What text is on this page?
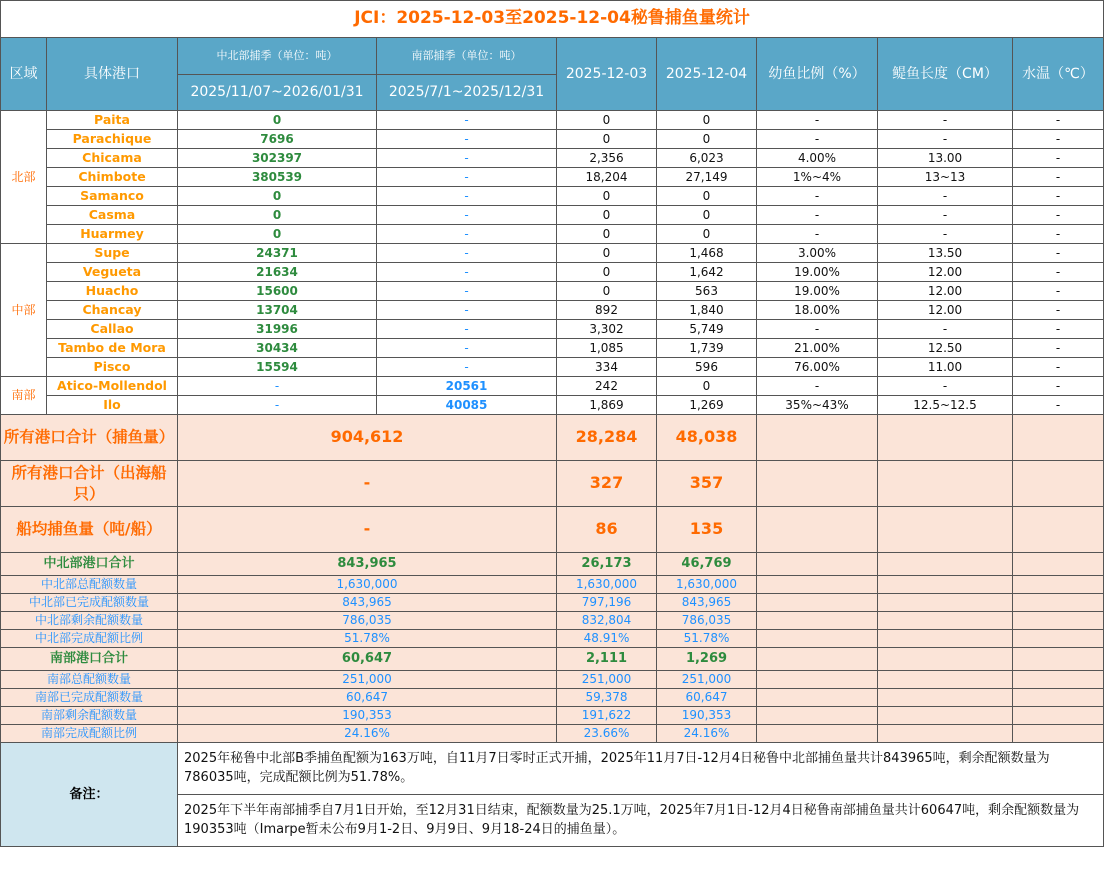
JCI：2025-12-03至2025-12-04秘鲁捕鱼量统计								
区域	具体港口	中北部捕季（单位：吨）	南部捕季（单位：吨）	2025-12-03	2025-12-04	幼鱼比例（%）	鳀鱼长度（CM）	水温（℃）
		2025/11/07~2026/01/31	2025/7/1~2025/12/31					
北部	Paita	0	-	0	0	-	-	-
	Parachique	7696	-	0	0	-	-	-
	Chicama	302397	-	2,356	6,023	4.00%	13.00	-
	Chimbote	380539	-	18,204	27,149	1%~4%	13~13	-
	Samanco	0	-	0	0	-	-	-
	Casma	0	-	0	0	-	-	-
	Huarmey	0	-	0	0	-	-	-
中部	Supe	24371	-	0	1,468	3.00%	13.50	-
	Vegueta	21634	-	0	1,642	19.00%	12.00	-
	Huacho	15600	-	0	563	19.00%	12.00	-
	Chancay	13704	-	892	1,840	18.00%	12.00	-
	Callao	31996	-	3,302	5,749	-	-	-
	Tambo de Mora	30434	-	1,085	1,739	21.00%	12.50	-
	Pisco	15594	-	334	596	76.00%	11.00	-
南部	Atico-Mollendol	-	20561	242	0	-	-	-
	Ilo	-	40085	1,869	1,269	35%~43%	12.5~12.5	-
所有港口合计（捕鱼量）		904,612		28,284	48,038			
所有港口合计（出海船只）		-		327	357			
船均捕鱼量（吨/船）		-		86	135			
中北部港口合计		843,965		26,173	46,769			
中北部总配额数量		1,630,000		1,630,000	1,630,000			
中北部已完成配额数量		843,965		797,196	843,965			
中北部剩余配额数量		786,035		832,804	786,035			
中北部完成配额比例		51.78%		48.91%	51.78%			
南部港口合计		60,647		2,111	1,269			
南部总配额数量		251,000		251,000	251,000			
南部已完成配额数量		60,647		59,378	60,647			
南部剩余配额数量		190,353		191,622	190,353			
南部完成配额比例		24.16%		23.66%	24.16%			
备注：		2025年秘鲁中北部B季捕鱼配额为163万吨，自11月7日零时正式开捕，2025年11月7日-12月4日秘鲁中北部捕鱼量共计843965吨，剩余配额数量为786035吨，完成配额比例为51.78%。						
		2025年下半年南部捕季自7月1日开始，至12月31日结束，配额数量为25.1万吨，2025年7月1日-12月4日秘鲁南部捕鱼量共计60647吨，剩余配额数量为190353吨（Imarpe暂未公布9月1-2日、9月9日、9月18-24日的捕鱼量）。						
